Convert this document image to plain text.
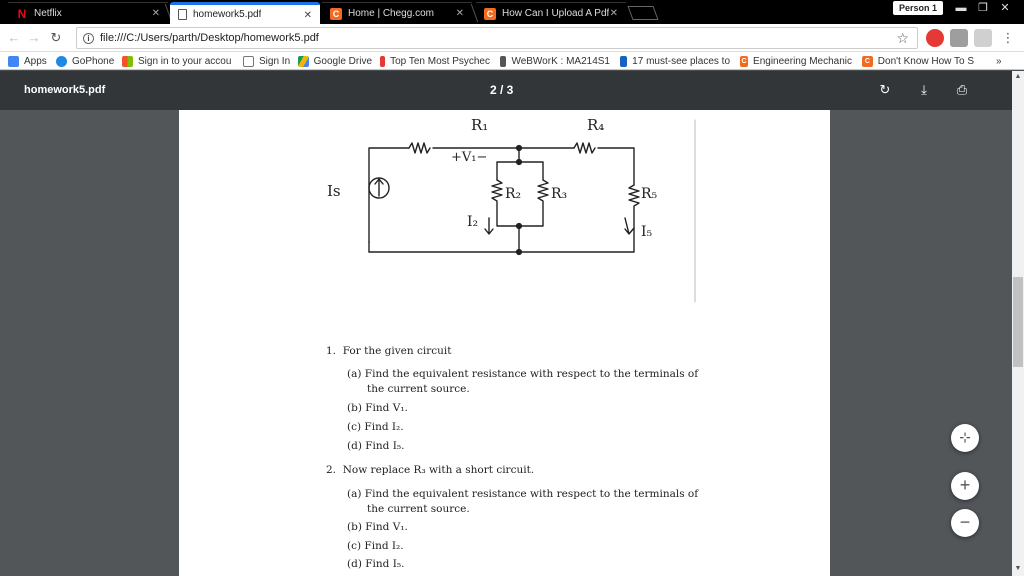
N Netflix	✕	homework5.pdf	✕	C Home | Chegg.com ✕	C How Can I Upload A Pdf ✕	Person 1	▬	❐	✕
← → ↻	i file:///C:/Users/parth/Desktop/homework5.pdf	☆	⋮
Apps	GoPhone Sign in to your accou	Sign In Google Drive Top Ten Most Psychec WeBWorK : MA214S1 17 must-see places to C Engineering Mechanic	C Don't Know How To S »
homework5.pdf	2 / 3	↻	⤓	⎙
▲
▼
R₁	R₄
+V₁−
R₂ R₃	R₅
Is
I₂
I₅
1. For the given circuit
(a) Find the equivalent resistance with respect to the terminals of
the current source.
(b) Find V₁.
(c) Find I₂.
(d) Find I₅.
2. Now replace R₃ with a short circuit.
(a) Find the equivalent resistance with respect to the terminals of
the current source.
(b) Find V₁.
(c) Find I₂.
(d) Find I₅.
⊹
+
−
